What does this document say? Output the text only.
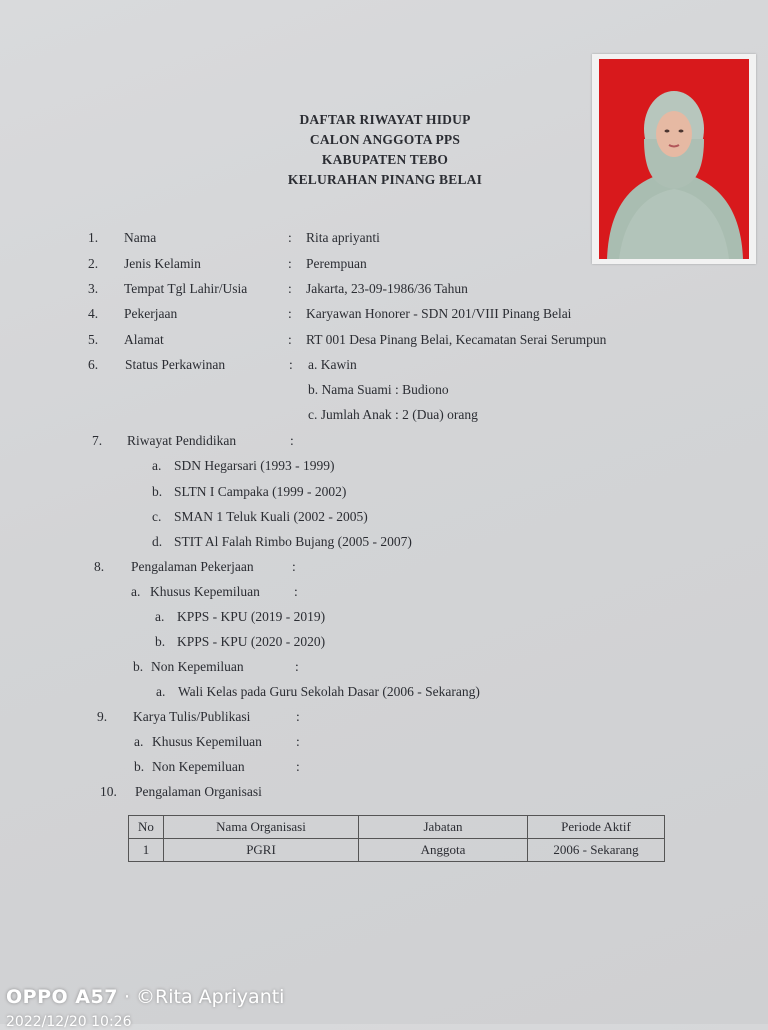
DAFTAR RIWAYAT HIDUP
CALON ANGGOTA PPS
KABUPATEN TEBO
KELURAHAN PINANG BELAI
1. Nama	: Rita apriyanti
2. Jenis Kelamin	: Perempuan
3. Tempat Tgl Lahir/Usia	: Jakarta, 23-09-1986/36 Tahun
4. Pekerjaan	: Karyawan Honorer - SDN 201/VIII Pinang Belai
5. Alamat	: RT 001 Desa Pinang Belai, Kecamatan Serai Serumpun
6. Status Perkawinan	: a. Kawin
b. Nama Suami : Budiono
c. Jumlah Anak : 2 (Dua) orang
7. Riwayat Pendidikan	:
a. SDN Hegarsari (1993 - 1999)
b. SLTN I Campaka (1999 - 2002)
c. SMAN 1 Teluk Kuali (2002 - 2005)
d. STIT Al Falah Rimbo Bujang (2005 - 2007)
8. Pengalaman Pekerjaan	:
a. Khusus Kepemiluan	:
a. KPPS - KPU (2019 - 2019)
b. KPPS - KPU (2020 - 2020)
b. Non Kepemiluan	:
a. Wali Kelas pada Guru Sekolah Dasar (2006 - Sekarang)
9. Karya Tulis/Publikasi	:
a. Khusus Kepemiluan	:
b. Non Kepemiluan	:
10. Pengalaman Organisasi
No	Nama Organisasi	Jabatan	Periode Aktif
1	PGRI	Anggota	2006 - Sekarang
OPPO A57 · ©Rita Apriyanti
2022/12/20 10:26
